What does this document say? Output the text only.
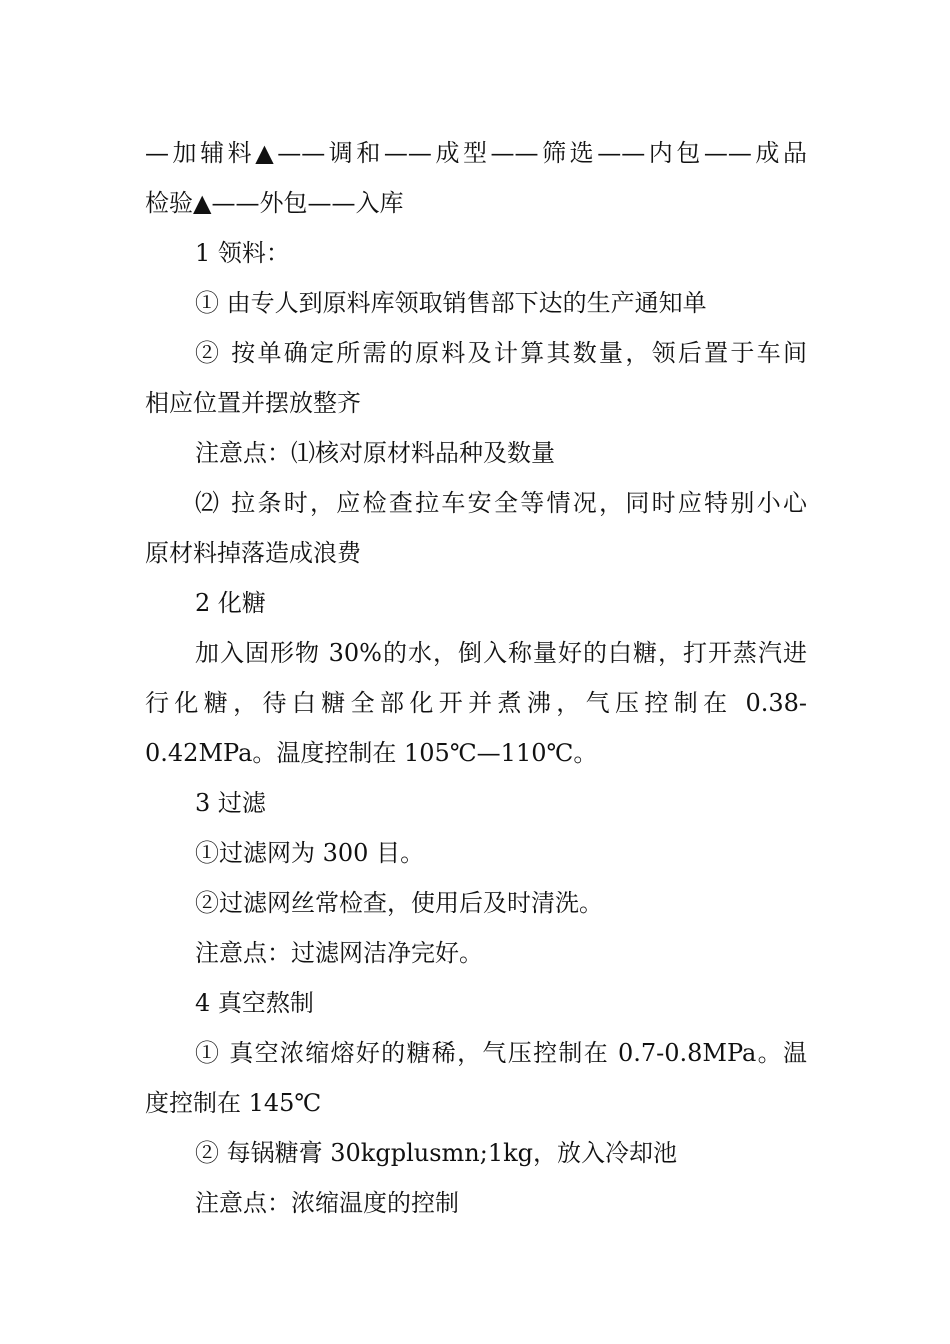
—加辅料▲——调和——成型——筛选——内包——成品
检验▲——外包——入库
1 领料：
① 由专人到原料库领取销售部下达的生产通知单
② 按单确定所需的原料及计算其数量，领后置于车间
相应位置并摆放整齐
注意点：⑴核对原材料品种及数量
⑵ 拉条时，应检查拉车安全等情况，同时应特别小心
原材料掉落造成浪费
2 化糖
加入固形物 30%的水，倒入称量好的白糖，打开蒸汽进
行化糖，待白糖全部化开并煮沸，气压控制在 0.38-
0.42MPa。温度控制在 105℃—110℃。
3 过滤
①过滤网为 300 目。
②过滤网丝常检查，使用后及时清洗。
注意点：过滤网洁净完好。
4 真空熬制
① 真空浓缩熔好的糖稀，气压控制在 0.7-0.8MPa。温
度控制在 145℃
② 每锅糖膏 30kgplusmn;1kg，放入冷却池
注意点：浓缩温度的控制
